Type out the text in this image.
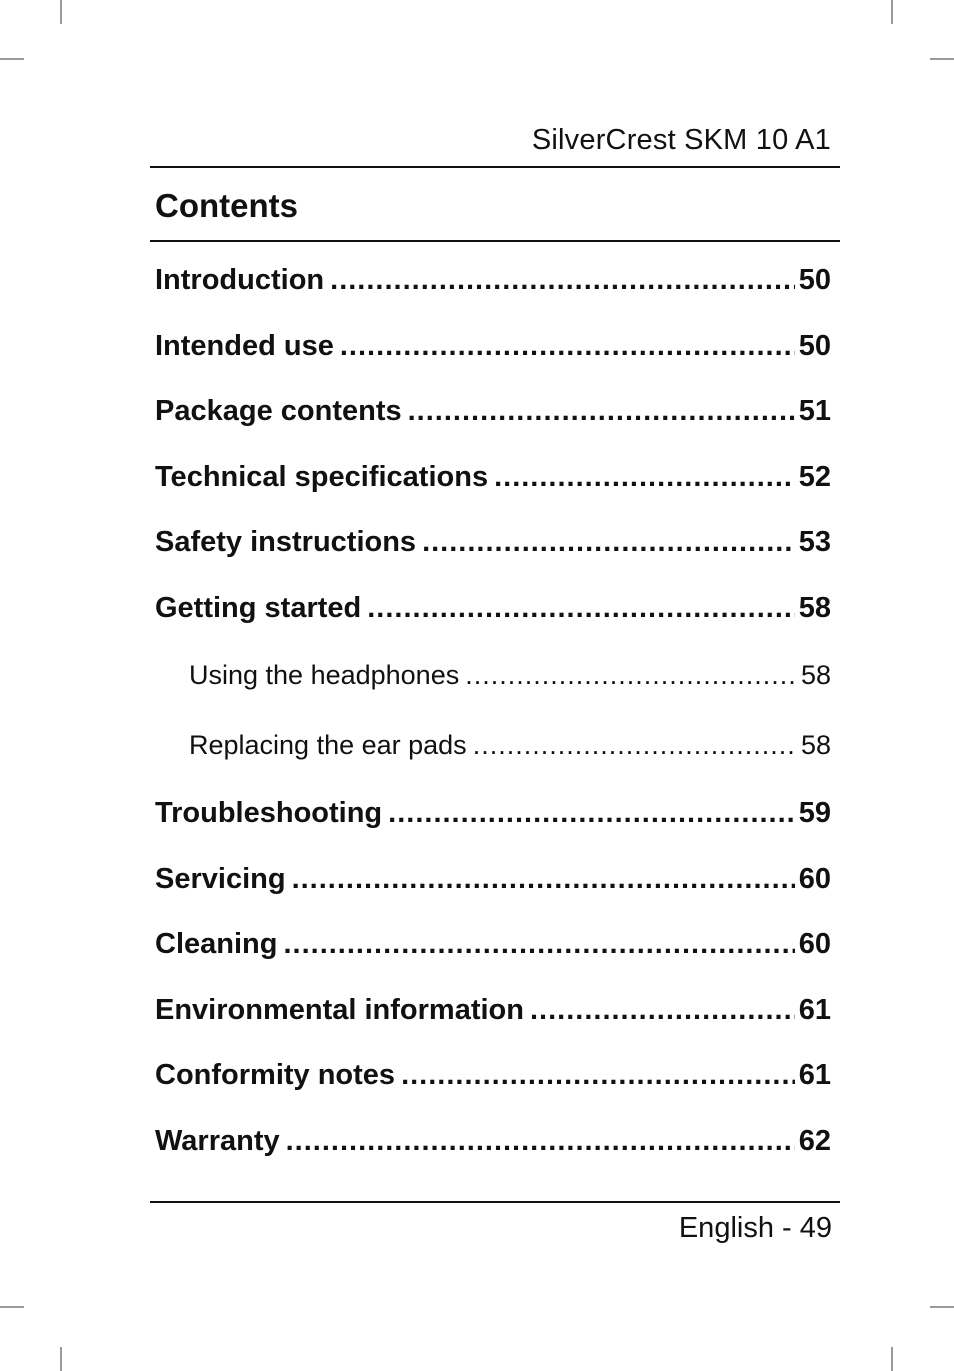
SilverCrest SKM 10 A1
Contents
Introduction .....	50
Intended use .....	50
Package contents .....	51
Technical specifications .....	52
Safety instructions .....	53
Getting started .....	58
Using the headphones .....	58
Replacing the ear pads .....	58
Troubleshooting .....	59
Servicing .....	60
Cleaning .....	60
Environmental information .....	61
Conformity notes .....	61
Warranty .....	62
English - 49
